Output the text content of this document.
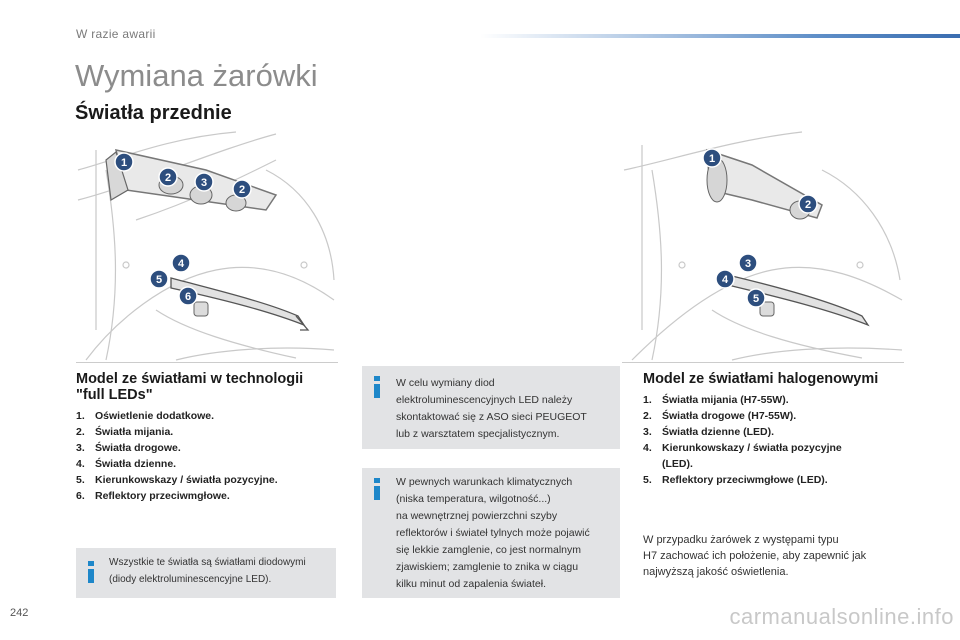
W razie awarii
Wymiana żarówki
Światła przednie
1
2	3
2
4
5
6
1
2
3
4
5
Model ze światłami w technologii
"full LEDs"
1. Oświetlenie dodatkowe.
2. Światła mijania.
3. Światła drogowe.
4. Światła dzienne.
5. Kierunkowskazy / światła pozycyjne.
6. Reflektory przeciwmgłowe.
Wszystkie te światła są światłami diodowymi
(diody elektroluminescencyjne LED).
W celu wymiany diod
elektroluminescencyjnych LED należy
skontaktować się z ASO sieci PEUGEOT
lub z warsztatem specjalistycznym.
W pewnych warunkach klimatycznych
(niska temperatura, wilgotność...)
na wewnętrznej powierzchni szyby
reflektorów i świateł tylnych może pojawić
się lekkie zamglenie, co jest normalnym
zjawiskiem; zamglenie to znika w ciągu
kilku minut od zapalenia świateł.
Model ze światłami halogenowymi
1. Światła mijania (H7-55W).
2. Światła drogowe (H7-55W).
3. Światła dzienne (LED).
4. Kierunkowskazy / światła pozycyjne
(LED).
5. Reflektory przeciwmgłowe (LED).
W przypadku żarówek z występami typu
H7 zachować ich położenie, aby zapewnić jak
najwyższą jakość oświetlenia.
242	carmanualsonline.info
